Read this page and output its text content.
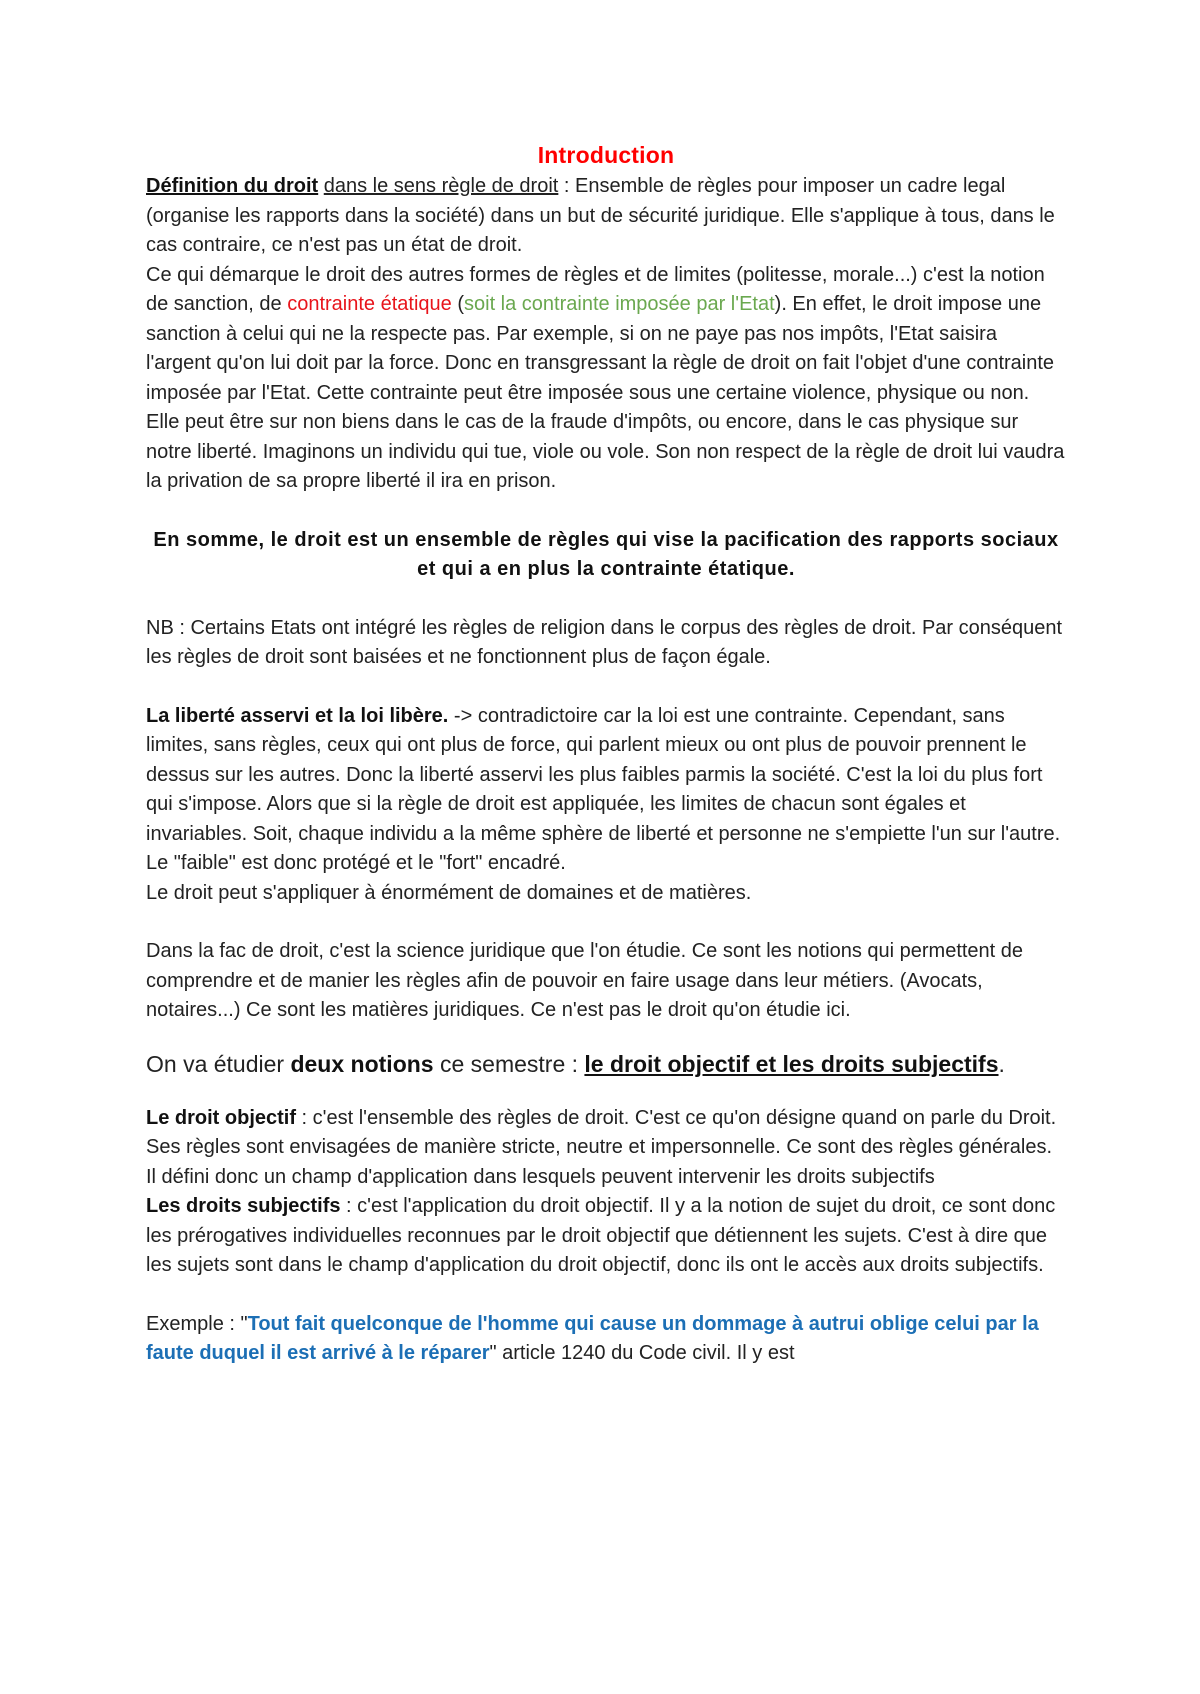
Introduction

Définition du droit dans le sens règle de droit : Ensemble de règles pour imposer un cadre legal (organise les rapports dans la société) dans un but de sécurité juridique. Elle s'applique à tous, dans le cas contraire, ce n'est pas un état de droit.

Ce qui démarque le droit des autres formes de règles et de limites (politesse, morale...) c'est la notion de sanction, de contrainte étatique (soit la contrainte imposée par l'Etat). En effet, le droit impose une sanction à celui qui ne la respecte pas. Par exemple, si on ne paye pas nos impôts, l'Etat saisira l'argent qu'on lui doit par la force. Donc en transgressant la règle de droit on fait l'objet d'une contrainte imposée par l'Etat. Cette contrainte peut être imposée sous une certaine violence, physique ou non. Elle peut être sur non biens dans le cas de la fraude d'impôts, ou encore, dans le cas physique sur notre liberté. Imaginons un individu qui tue, viole ou vole. Son non respect de la règle de droit lui vaudra la privation de sa propre liberté il ira en prison.

En somme, le droit est un ensemble de règles qui vise la pacification des rapports sociaux et qui a en plus la contrainte étatique.

NB : Certains Etats ont intégré les règles de religion dans le corpus des règles de droit. Par conséquent les règles de droit sont baisées et ne fonctionnent plus de façon égale.

La liberté asservi et la loi libère. -> contradictoire car la loi est une contrainte. Cependant, sans limites, sans règles, ceux qui ont plus de force, qui parlent mieux ou ont plus de pouvoir prennent le dessus sur les autres. Donc la liberté asservi les plus faibles parmis la société. C'est la loi du plus fort qui s'impose. Alors que si la règle de droit est appliquée, les limites de chacun sont égales et invariables. Soit, chaque individu a la même sphère de liberté et personne ne s'empiette l'un sur l'autre. Le "faible" est donc protégé et le "fort" encadré.

Le droit peut s'appliquer à énormément de domaines et de matières.

Dans la fac de droit, c'est la science juridique que l'on étudie. Ce sont les notions qui permettent de comprendre et de manier les règles afin de pouvoir en faire usage dans leur métiers. (Avocats, notaires...) Ce sont les matières juridiques. Ce n'est pas le droit qu'on étudie ici.

On va étudier deux notions ce semestre : le droit objectif et les droits subjectifs.

Le droit objectif : c'est l'ensemble des règles de droit. C'est ce qu'on désigne quand on parle du Droit. Ses règles sont envisagées de manière stricte, neutre et impersonnelle. Ce sont des règles générales. Il défini donc un champ d'application dans lesquels peuvent intervenir les droits subjectifs

Les droits subjectifs : c'est l'application du droit objectif. Il y a la notion de sujet du droit, ce sont donc les prérogatives individuelles reconnues par le droit objectif que détiennent les sujets. C'est à dire que les sujets sont dans le champ d'application du droit objectif, donc ils ont le accès aux droits subjectifs.

Exemple : "Tout fait quelconque de l'homme qui cause un dommage à autrui oblige celui par la faute duquel il est arrivé à le réparer" article 1240 du Code civil. Il y est
